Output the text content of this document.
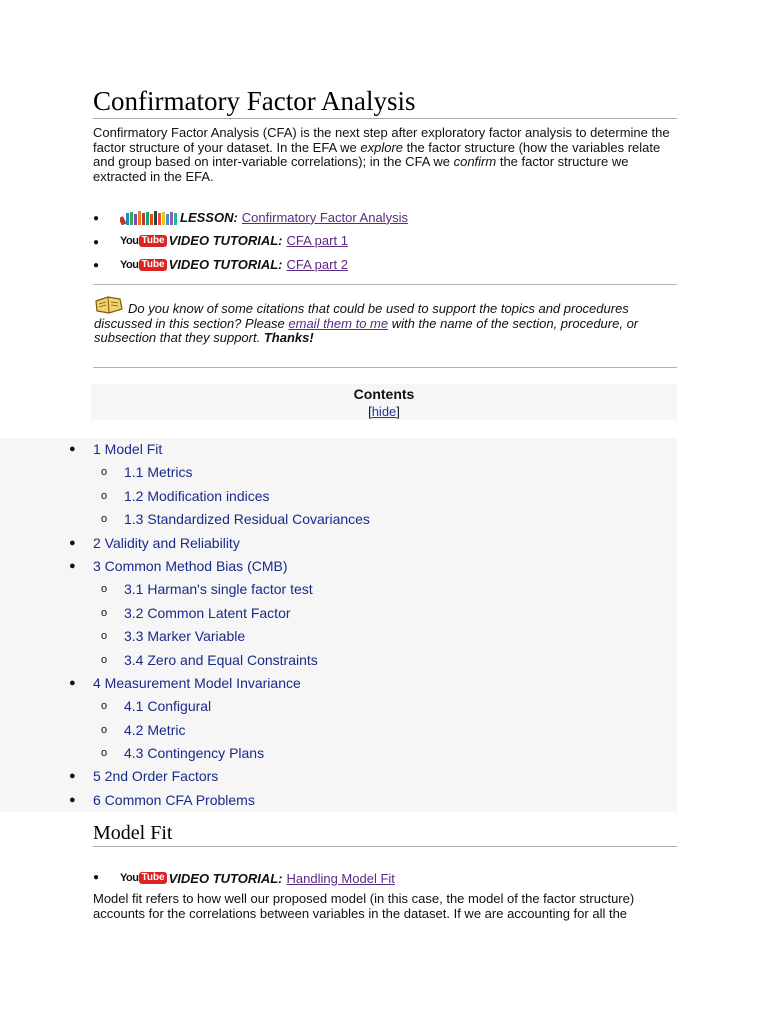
Confirmatory Factor Analysis

Confirmatory Factor Analysis (CFA) is the next step after exploratory factor analysis to determine the factor structure of your dataset. In the EFA we explore the factor structure (how the variables relate and group based on inter-variable correlations); in the CFA we confirm the factor structure we extracted in the EFA.

●	LESSON: Confirmatory Factor Analysis
● You Tube VIDEO TUTORIAL: CFA part 1
● You Tube VIDEO TUTORIAL: CFA part 2

Do you know of some citations that could be used to support the topics and procedures discussed in this section? Please email them to me with the name of the section, procedure, or subsection that they support. Thanks!

Contents
[hide]
● 1 Model Fit
o 1.1 Metrics
o 1.2 Modification indices
o 1.3 Standardized Residual Covariances
● 2 Validity and Reliability
● 3 Common Method Bias (CMB)
o 3.1 Harman's single factor test
o 3.2 Common Latent Factor
o 3.3 Marker Variable
o 3.4 Zero and Equal Constraints
● 4 Measurement Model Invariance
o 4.1 Configural
o 4.2 Metric
o 4.3 Contingency Plans
● 5 2nd Order Factors
● 6 Common CFA Problems
Model Fit
● You Tube VIDEO TUTORIAL: Handling Model Fit

Model fit refers to how well our proposed model (in this case, the model of the factor structure) accounts for the correlations between variables in the dataset. If we are accounting for all the
